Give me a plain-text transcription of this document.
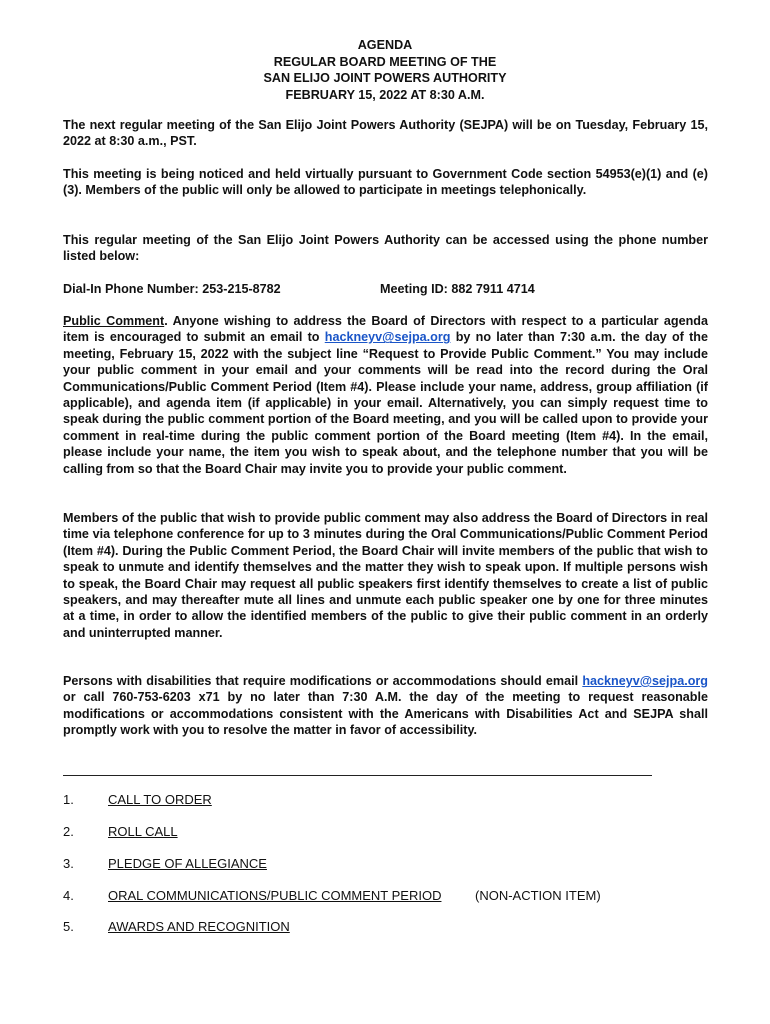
AGENDA
REGULAR BOARD MEETING OF THE
SAN ELIJO JOINT POWERS AUTHORITY
FEBRUARY 15, 2022 AT 8:30 A.M.

The next regular meeting of the San Elijo Joint Powers Authority (SEJPA) will be on Tuesday, February 15, 2022 at 8:30 a.m., PST.

This meeting is being noticed and held virtually pursuant to Government Code section 54953(e)(1) and (e)(3). Members of the public will only be allowed to participate in meetings telephonically.

This regular meeting of the San Elijo Joint Powers Authority can be accessed using the phone number listed below:

Dial-In Phone Number: 253-215-8782	Meeting ID: 882 7911 4714

Public Comment. Anyone wishing to address the Board of Directors with respect to a particular agenda item is encouraged to submit an email to hackneyv@sejpa.org by no later than 7:30 a.m. the day of the meeting, February 15, 2022 with the subject line “Request to Provide Public Comment.” You may include your public comment in your email and your comments will be read into the record during the Oral Communications/Public Comment Period (Item #4). Please include your name, address, group affiliation (if applicable), and agenda item (if applicable) in your email. Alternatively, you can simply request time to speak during the public comment portion of the Board meeting, and you will be called upon to provide your comment in real-time during the public comment portion of the Board meeting (Item #4). In the email, please include your name, the item you wish to speak about, and the telephone number that you will be calling from so that the Board Chair may invite you to provide your public comment.

Members of the public that wish to provide public comment may also address the Board of Directors in real time via telephone conference for up to 3 minutes during the Oral Communications/Public Comment Period (Item #4). During the Public Comment Period, the Board Chair will invite members of the public that wish to speak to unmute and identify themselves and the matter they wish to speak upon. If multiple persons wish to speak, the Board Chair may request all public speakers first identify themselves to create a list of public speakers, and may thereafter mute all lines and unmute each public speaker one by one for three minutes at a time, in order to allow the identified members of the public to give their public comment in an orderly and uninterrupted manner.

Persons with disabilities that require modifications or accommodations should email hackneyv@sejpa.org or call 760-753-6203 x71 by no later than 7:30 A.M. the day of the meeting to request reasonable modifications or accommodations consistent with the Americans with Disabilities Act and SEJPA shall promptly work with you to resolve the matter in favor of accessibility.

1.	CALL TO ORDER
2.	ROLL CALL
3.	PLEDGE OF ALLEGIANCE
4.	ORAL COMMUNICATIONS/PUBLIC COMMENT PERIOD	(NON-ACTION ITEM)
5.	AWARDS AND RECOGNITION
